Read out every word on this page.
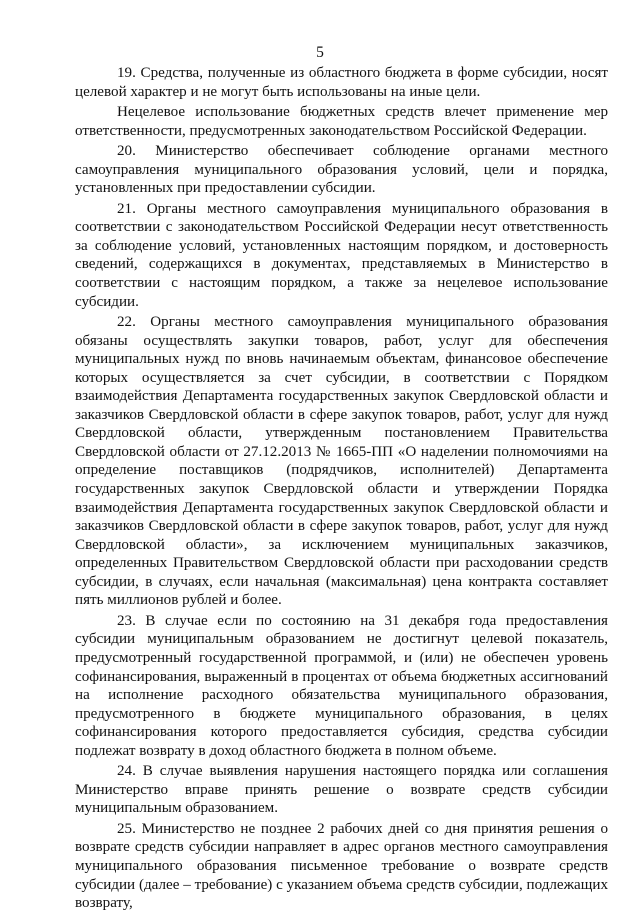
5

19. Средства, полученные из областного бюджета в форме субсидии, носят целевой характер и не могут быть использованы на иные цели.

Нецелевое использование бюджетных средств влечет применение мер ответственности, предусмотренных законодательством Российской Федерации.

20. Министерство обеспечивает соблюдение органами местного самоуправления муниципального образования условий, цели и порядка, установленных при предоставлении субсидии.

21. Органы местного самоуправления муниципального образования в соответствии с законодательством Российской Федерации несут ответственность за соблюдение условий, установленных настоящим порядком, и достоверность сведений, содержащихся в документах, представляемых в Министерство в соответствии с настоящим порядком, а также за нецелевое использование субсидии.

22. Органы местного самоуправления муниципального образования обязаны осуществлять закупки товаров, работ, услуг для обеспечения муниципальных нужд по вновь начинаемым объектам, финансовое обеспечение которых осуществляется за счет субсидии, в соответствии с Порядком взаимодействия Департамента государственных закупок Свердловской области и заказчиков Свердловской области в сфере закупок товаров, работ, услуг для нужд Свердловской области, утвержденным постановлением Правительства Свердловской области от 27.12.2013 № 1665-ПП «О наделении полномочиями на определение поставщиков (подрядчиков, исполнителей) Департамента государственных закупок Свердловской области и утверждении Порядка взаимодействия Департамента государственных закупок Свердловской области и заказчиков Свердловской области в сфере закупок товаров, работ, услуг для нужд Свердловской области», за исключением муниципальных заказчиков, определенных Правительством Свердловской области при расходовании средств субсидии, в случаях, если начальная (максимальная) цена контракта составляет пять миллионов рублей и более.

23. В случае если по состоянию на 31 декабря года предоставления субсидии муниципальным образованием не достигнут целевой показатель, предусмотренный государственной программой, и (или) не обеспечен уровень софинансирования, выраженный в процентах от объема бюджетных ассигнований на исполнение расходного обязательства муниципального образования, предусмотренного в бюджете муниципального образования, в целях софинансирования которого предоставляется субсидия, средства субсидии подлежат возврату в доход областного бюджета в полном объеме.

24. В случае выявления нарушения настоящего порядка или соглашения Министерство вправе принять решение о возврате средств субсидии муниципальным образованием.

25. Министерство не позднее 2 рабочих дней со дня принятия решения о возврате средств субсидии направляет в адрес органов местного самоуправления муниципального образования письменное требование о возврате средств субсидии (далее – требование) с указанием объема средств субсидии, подлежащих возврату,
